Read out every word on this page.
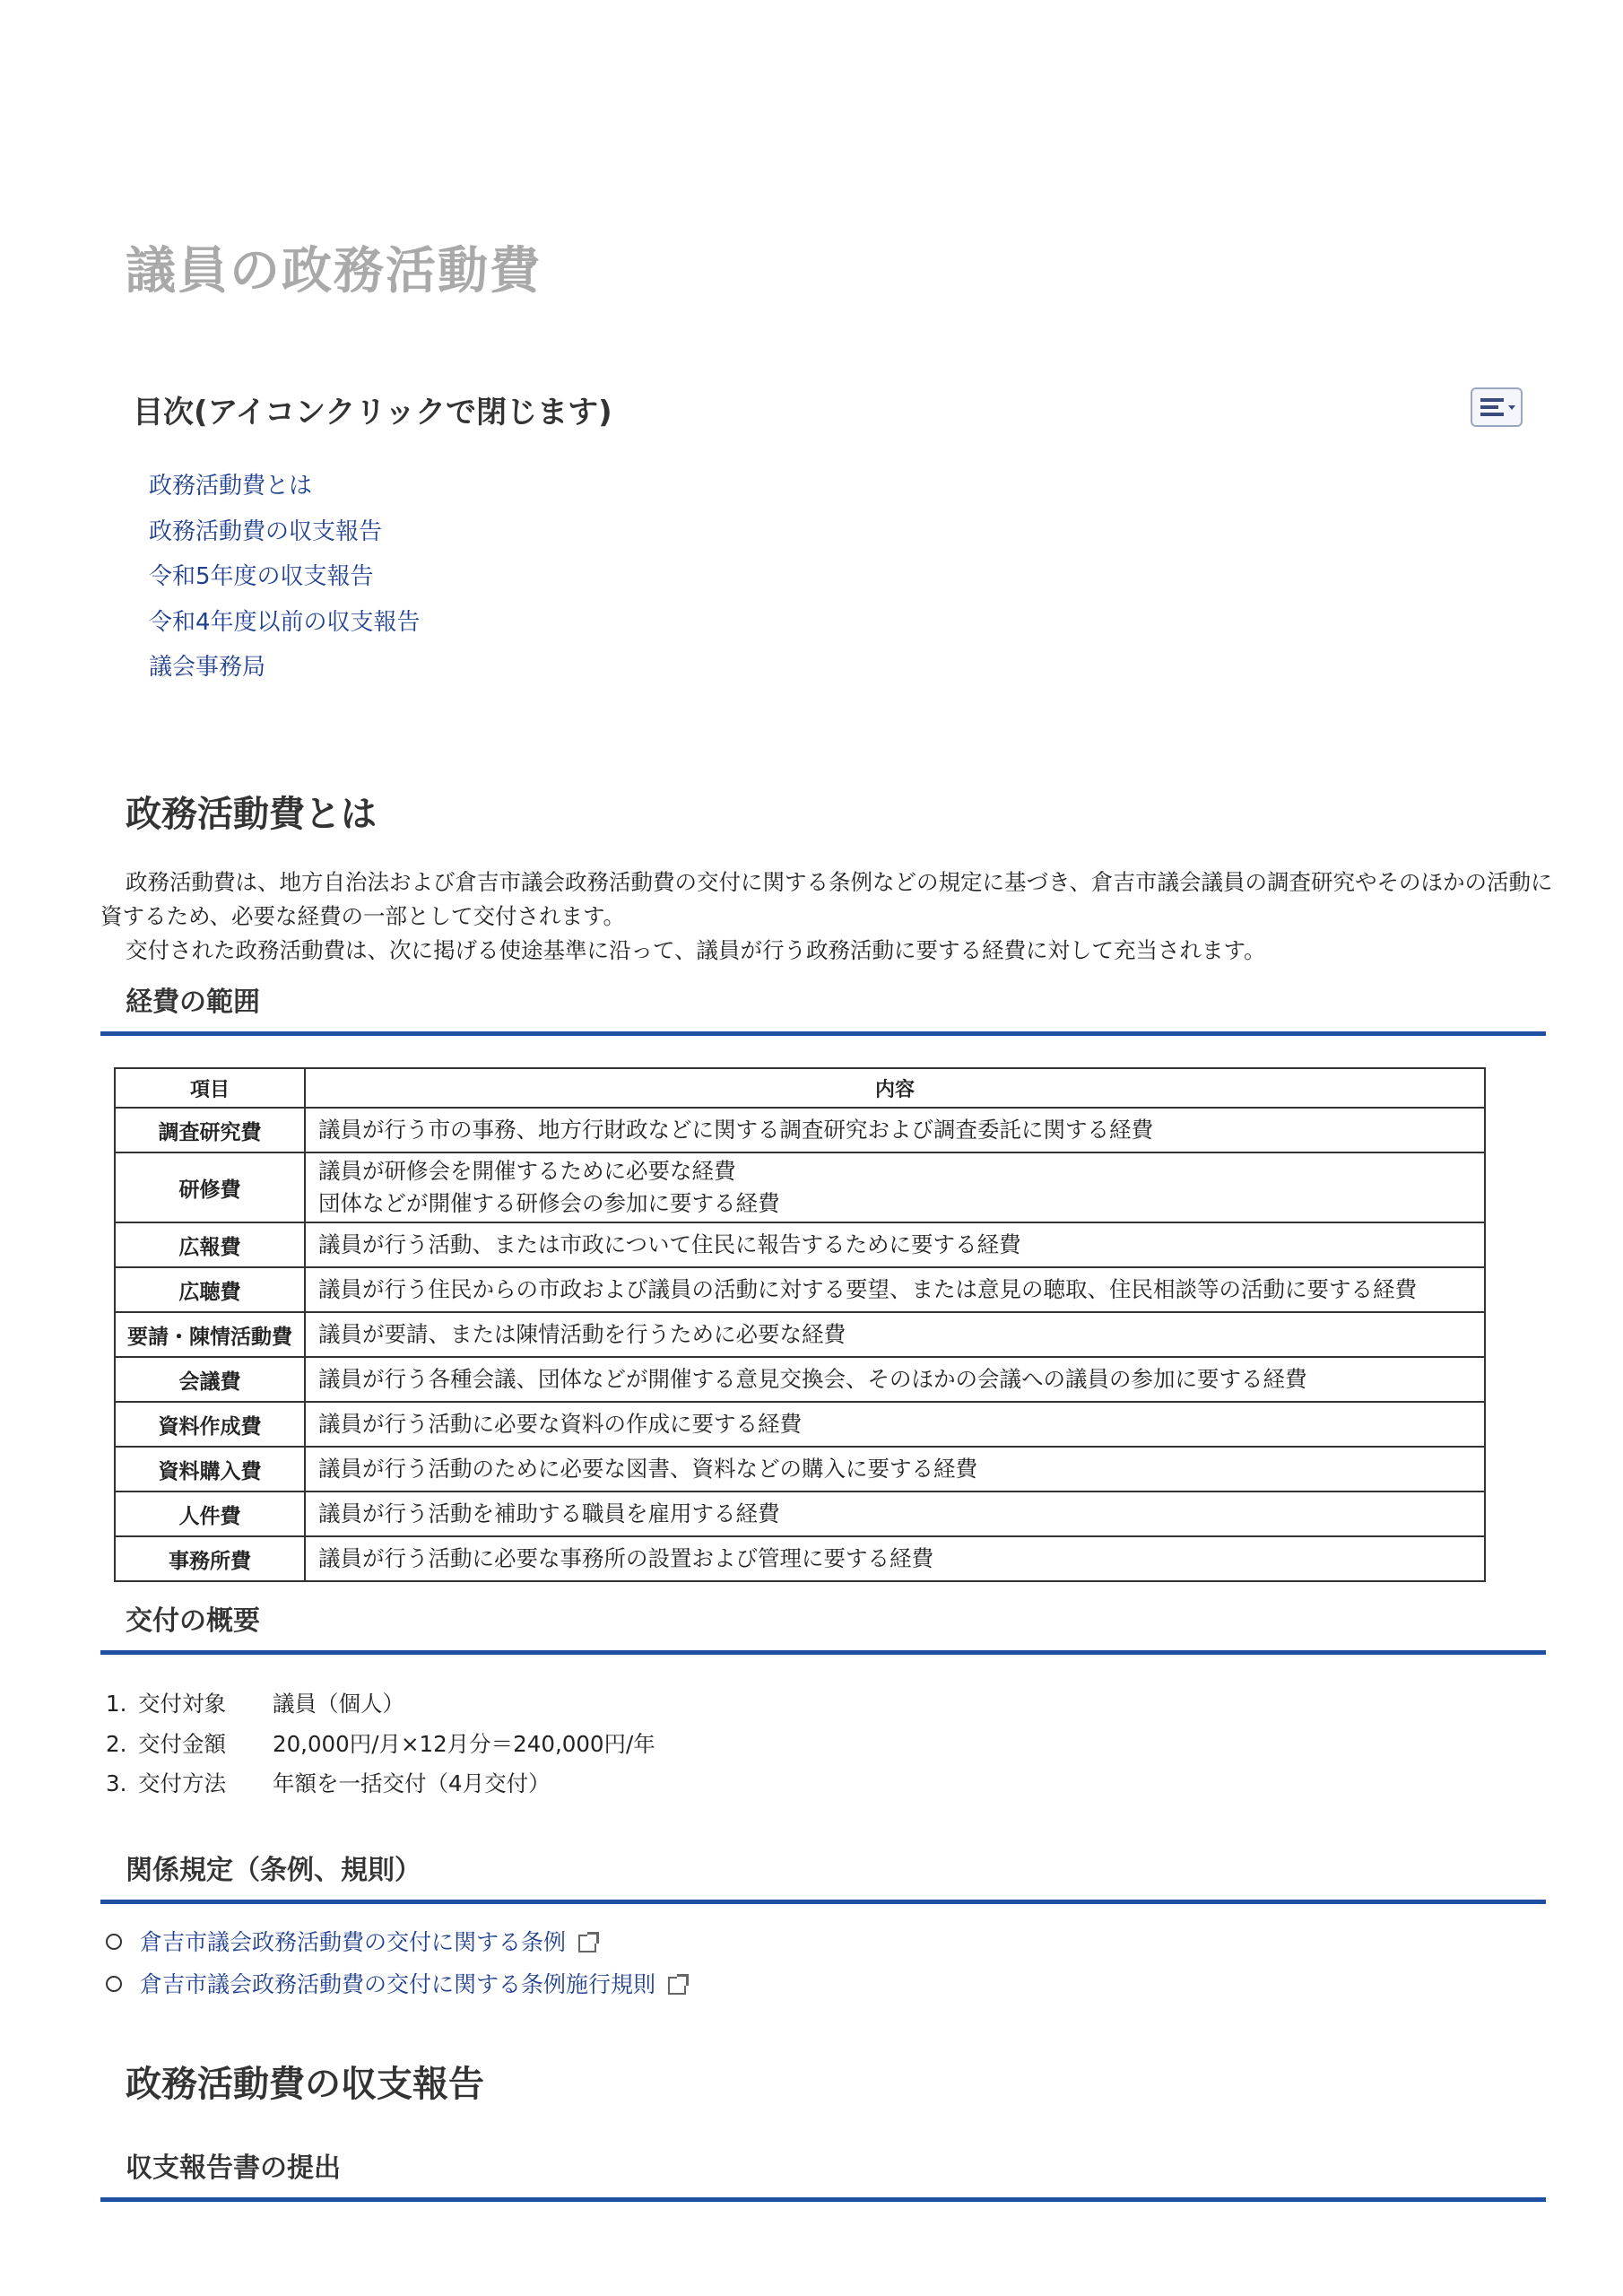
議員の政務活動費
目次(アイコンクリックで閉じます)
政務活動費とは
政務活動費の収支報告
令和5年度の収支報告
令和4年度以前の収支報告
議会事務局
政務活動費とは

政務活動費は、地方自治法および倉吉市議会政務活動費の交付に関する条例などの規定に基づき、倉吉市議会議員の調査研究やそのほかの活動に資するため、必要な経費の一部として交付されます。

交付された政務活動費は、次に掲げる使途基準に沿って、議員が行う政務活動に要する経費に対して充当されます。

経費の範囲
項目	内容
調査研究費	議員が行う市の事務、地方行財政などに関する調査研究および調査委託に関する経費

研修費	議員が研修会を開催するために必要な経費
団体などが開催する研修会の参加に要する経費

広報費	議員が行う活動、または市政について住民に報告するために要する経費

広聴費	議員が行う住民からの市政および議員の活動に対する要望、または意見の聴取、住民相談等の活動に要する経費

要請・陳情活動費	議員が要請、または陳情活動を行うために必要な経費

会議費	議員が行う各種会議、団体などが開催する意見交換会、そのほかの会議への議員の参加に要する経費

資料作成費	議員が行う活動に必要な資料の作成に要する経費

資料購入費	議員が行う活動のために必要な図書、資料などの購入に要する経費

人件費	議員が行う活動を補助する職員を雇用する経費

事務所費	議員が行う活動に必要な事務所の設置および管理に要する経費
交付の概要
1. 交付対象 議員（個人）
2. 交付金額 20,000円/月×12月分＝240,000円/年
3. 交付方法 年額を一括交付（4月交付）
関係規定（条例、規則）
倉吉市議会政務活動費の交付に関する条例
倉吉市議会政務活動費の交付に関する条例施行規則
政務活動費の収支報告
収支報告書の提出
